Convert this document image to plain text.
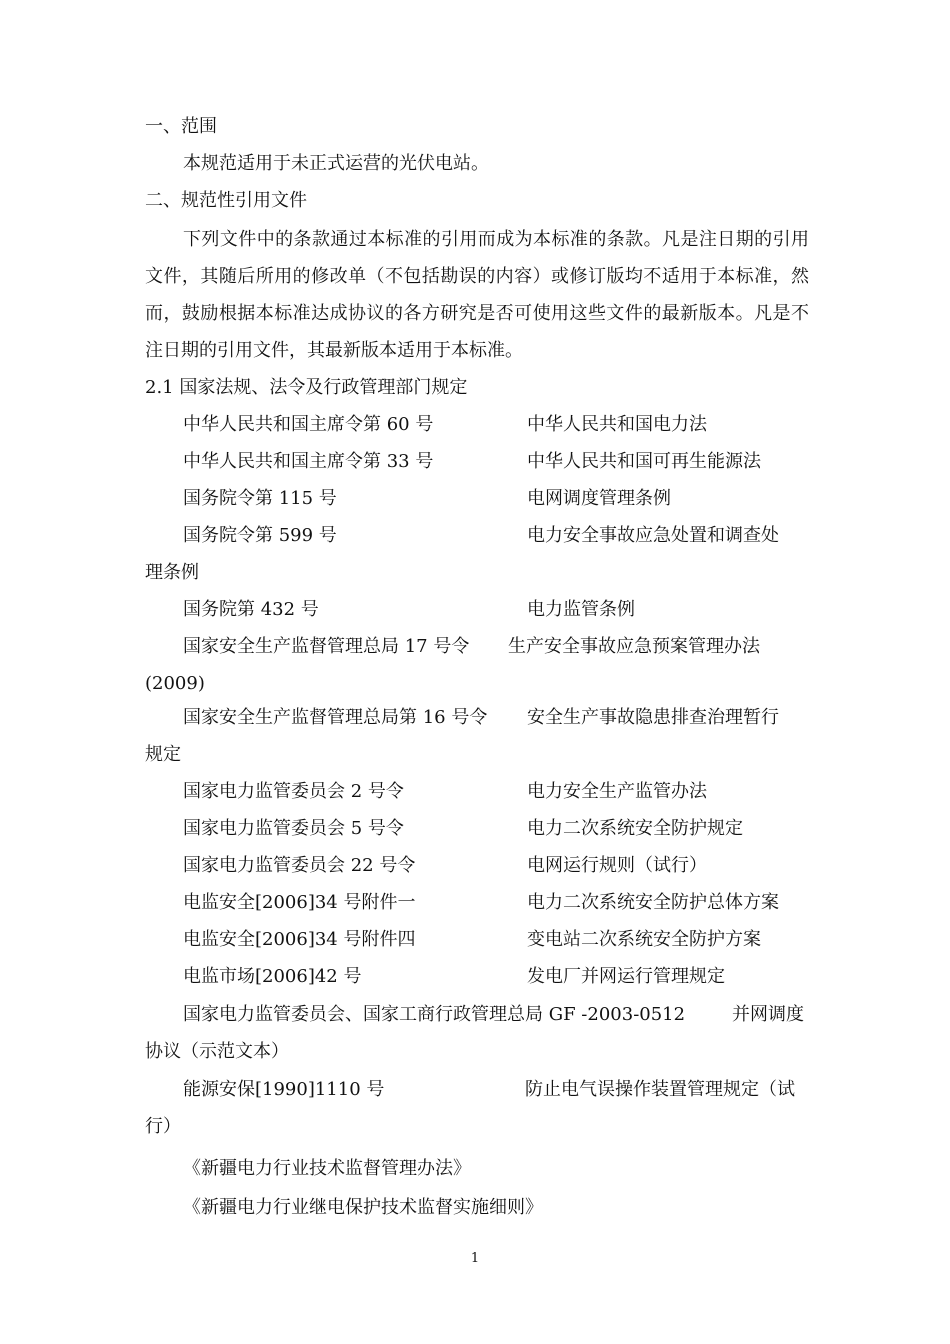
一、范围
本规范适用于未正式运营的光伏电站。
二、规范性引用文件
下列文件中的条款通过本标准的引用而成为本标准的条款。凡是注日期的引用文件，其随后所用的修改单（不包括勘误的内容）或修订版均不适用于本标准，然而，鼓励根据本标准达成协议的各方研究是否可使用这些文件的最新版本。凡是不注日期的引用文件，其最新版本适用于本标准。
2.1 国家法规、法令及行政管理部门规定
中华人民共和国主席令第 60 号	中华人民共和国电力法
中华人民共和国主席令第 33 号	中华人民共和国可再生能源法
国务院令第 115 号	电网调度管理条例
国务院令第 599 号	电力安全事故应急处置和调查处
理条例
国务院第 432 号	电力监管条例
国家安全生产监督管理总局 17 号令 生产安全事故应急预案管理办法
(2009)
国家安全生产监督管理总局第 16 号令 安全生产事故隐患排查治理暂行
规定
国家电力监管委员会 2 号令	电力安全生产监管办法
国家电力监管委员会 5 号令	电力二次系统安全防护规定
国家电力监管委员会 22 号令	电网运行规则（试行）
电监安全[2006]34 号附件一	电力二次系统安全防护总体方案
电监安全[2006]34 号附件四	变电站二次系统安全防护方案
电监市场[2006]42 号	发电厂并网运行管理规定
国家电力监管委员会、国家工商行政管理总局 GF -2003-0512	并网调度
协议（示范文本）
能源安保[1990]1110 号	防止电气误操作装置管理规定（试
行）
《新疆电力行业技术监督管理办法》
《新疆电力行业继电保护技术监督实施细则》
1
